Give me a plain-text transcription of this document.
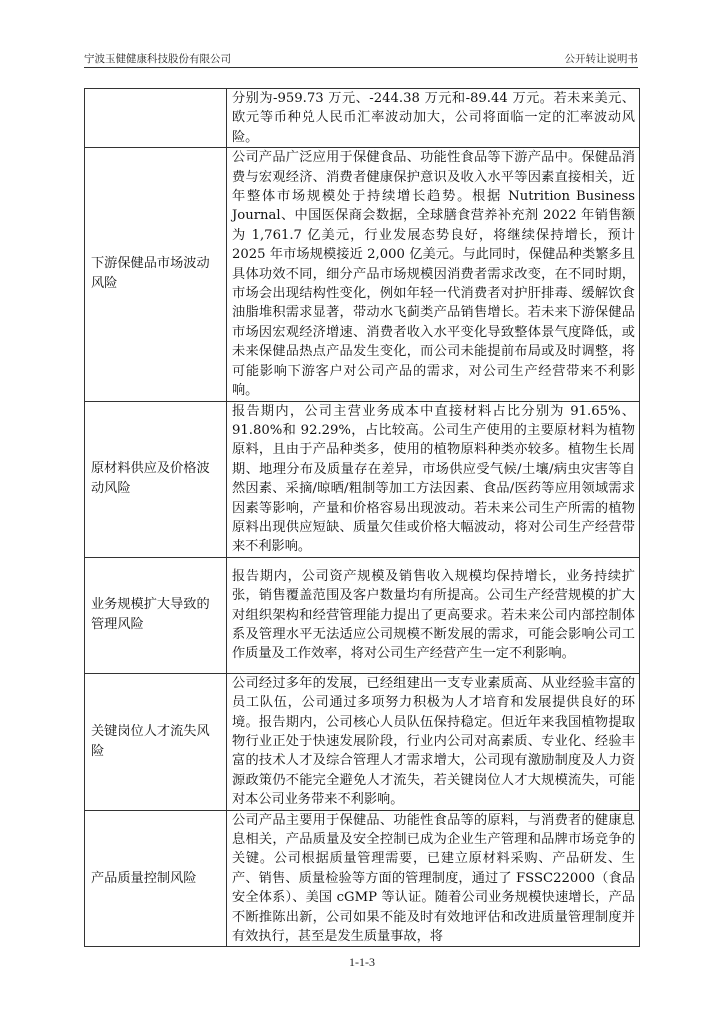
宁波玉健健康科技股份有限公司	公开转让说明书
	分别为-959.73 万元、-244.38 万元和-89.44 万元。若未来美元、欧元等币种兑人民币汇率波动加大，公司将面临一定的汇率波动风险。
下游保健品市场波动风险	公司产品广泛应用于保健食品、功能性食品等下游产品中。保健品消费与宏观经济、消费者健康保护意识及收入水平等因素直接相关，近年整体市场规模处于持续增长趋势。根据 Nutrition Business Journal、中国医保商会数据，全球膳食营养补充剂 2022 年销售额为 1,761.7 亿美元，行业发展态势良好，将继续保持增长，预计 2025 年市场规模接近 2,000 亿美元。与此同时，保健品种类繁多且具体功效不同，细分产品市场规模因消费者需求改变，在不同时期，市场会出现结构性变化，例如年轻一代消费者对护肝排毒、缓解饮食油脂堆积需求显著，带动水飞蓟类产品销售增长。若未来下游保健品市场因宏观经济增速、消费者收入水平变化导致整体景气度降低，或未来保健品热点产品发生变化，而公司未能提前布局或及时调整，将可能影响下游客户对公司产品的需求，对公司生产经营带来不利影响。
原材料供应及价格波动风险	报告期内，公司主营业务成本中直接材料占比分别为 91.65%、91.80%和 92.29%，占比较高。公司生产使用的主要原材料为植物原料，且由于产品种类多，使用的植物原料种类亦较多。植物生长周期、地理分布及质量存在差异，市场供应受气候/土壤/病虫灾害等自然因素、采摘/晾晒/粗制等加工方法因素、食品/医药等应用领域需求因素等影响，产量和价格容易出现波动。若未来公司生产所需的植物原料出现供应短缺、质量欠佳或价格大幅波动，将对公司生产经营带来不利影响。
业务规模扩大导致的管理风险	报告期内，公司资产规模及销售收入规模均保持增长，业务持续扩张，销售覆盖范围及客户数量均有所提高。公司生产经营规模的扩大对组织架构和经营管理能力提出了更高要求。若未来公司内部控制体系及管理水平无法适应公司规模不断发展的需求，可能会影响公司工作质量及工作效率，将对公司生产经营产生一定不利影响。
关键岗位人才流失风险	公司经过多年的发展，已经组建出一支专业素质高、从业经验丰富的员工队伍，公司通过多项努力积极为人才培育和发展提供良好的环境。报告期内，公司核心人员队伍保持稳定。但近年来我国植物提取物行业正处于快速发展阶段，行业内公司对高素质、专业化、经验丰富的技术人才及综合管理人才需求增大，公司现有激励制度及人力资源政策仍不能完全避免人才流失，若关键岗位人才大规模流失，可能对本公司业务带来不利影响。
产品质量控制风险	公司产品主要用于保健品、功能性食品等的原料，与消费者的健康息息相关，产品质量及安全控制已成为企业生产管理和品牌市场竞争的关键。公司根据质量管理需要，已建立原材料采购、产品研发、生产、销售、质量检验等方面的管理制度，通过了 FSSC22000（食品安全体系）、美国 cGMP 等认证。随着公司业务规模快速增长，产品不断推陈出新，公司如果不能及时有效地评估和改进质量管理制度并有效执行，甚至是发生质量事故，将
1-1-3
